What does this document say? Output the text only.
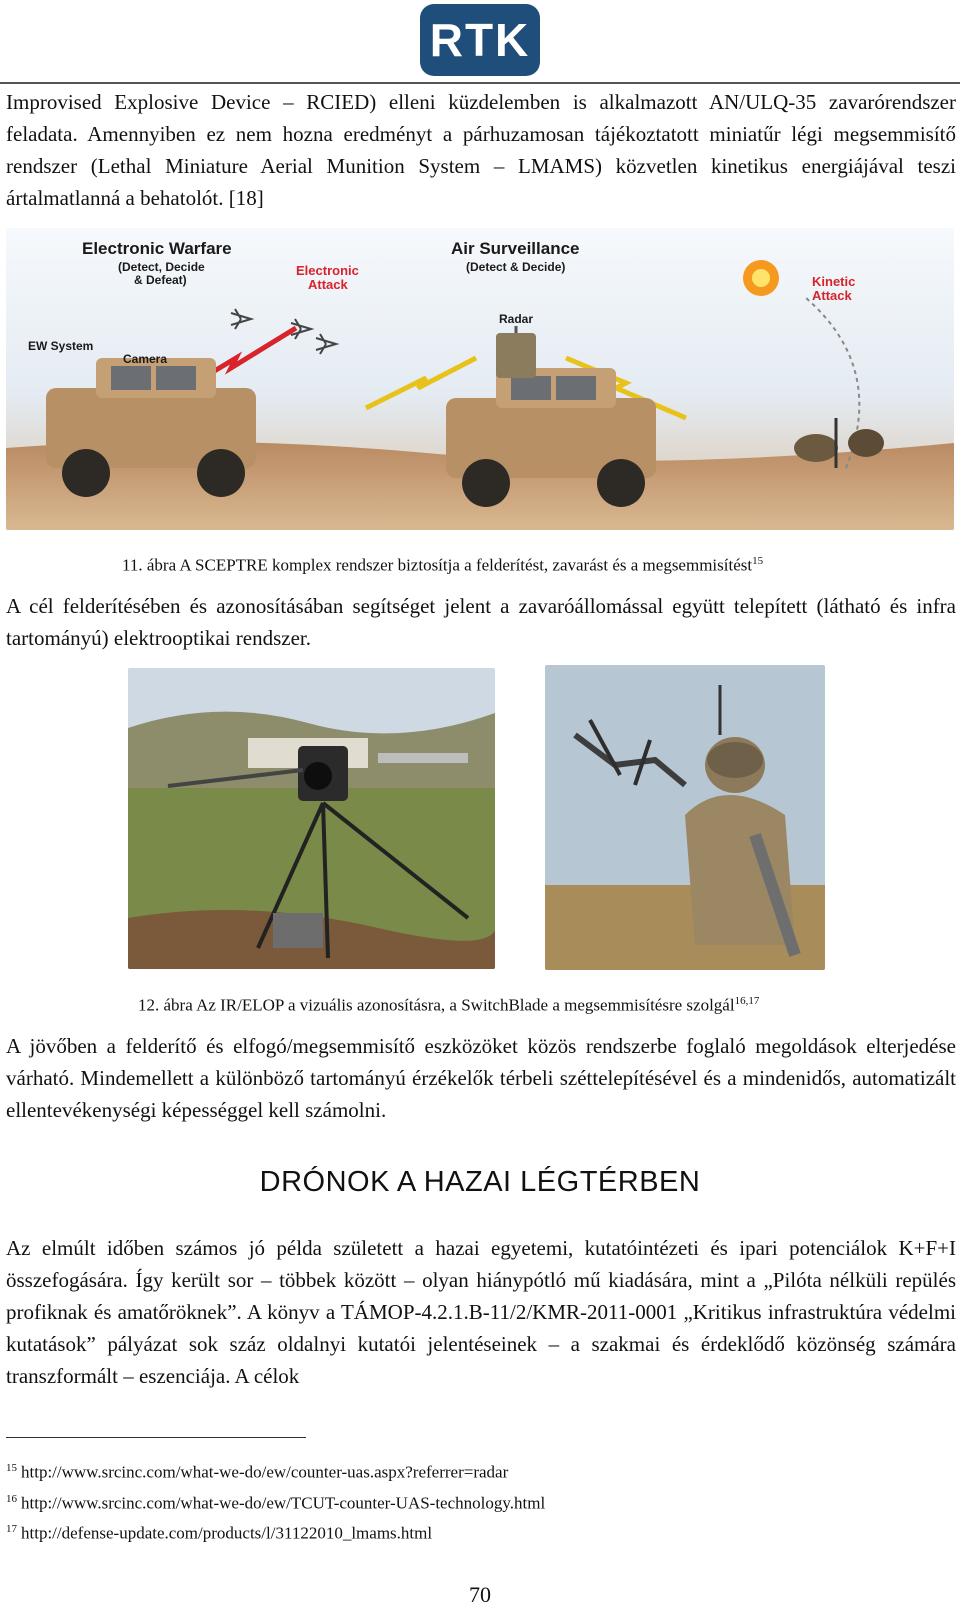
RTK

Improvised Explosive Device – RCIED) elleni küzdelemben is alkalmazott AN/ULQ-35 zavarórendszer feladata. Amennyiben ez nem hozna eredményt a párhuzamosan tájékoztatott miniatűr légi megsemmisítő rendszer (Lethal Miniature Aerial Munition System – LMAMS) közvetlen kinetikus energiájával teszi ártalmatlanná a behatolót. [18]

Electronic Warfare
(Detect, Decide
& Defeat)
Air Surveillance
(Detect & Decide)
Electronic
Attack	Kinetic
Attack
EW System
Camera
Radar

11. ábra A SCEPTRE komplex rendszer biztosítja a felderítést, zavarást és a megsemmisítést$^{15}$

A cél felderítésében és azonosításában segítséget jelent a zavaróállomással együtt telepített (látható és infra tartományú) elektrooptikai rendszer.

12. ábra Az IR/ELOP a vizuális azonosításra, a SwitchBlade a megsemmisítésre szolgál$^{16,17}$

A jövőben a felderítő és elfogó/megsemmisítő eszközöket közös rendszerbe foglaló megoldások elterjedése várható. Mindemellett a különböző tartományú érzékelők térbeli széttelepítésével és a mindenidős, automatizált ellentevékenységi képességgel kell számolni.

DRÓNOK A HAZAI LÉGTÉRBEN

Az elmúlt időben számos jó példa született a hazai egyetemi, kutatóintézeti és ipari potenciálok K+F+I összefogására. Így került sor – többek között – olyan hiánypótló mű kiadására, mint a „Pilóta nélküli repülés profiknak és amatőröknek”. A könyv a TÁMOP-4.2.1.B-11/2/KMR-2011-0001 „Kritikus infrastruktúra védelmi kutatások” pályázat sok száz oldalnyi kutatói jelentéseinek – a szakmai és érdeklődő közönség számára transzformált – eszenciája. A célok

$^{15}$ http://www.srcinc.com/what-we-do/ew/counter-uas.aspx?referrer=radar
$^{16}$ http://www.srcinc.com/what-we-do/ew/TCUT-counter-UAS-technology.html
$^{17}$ http://defense-update.com/products/l/31122010_lmams.html
70
